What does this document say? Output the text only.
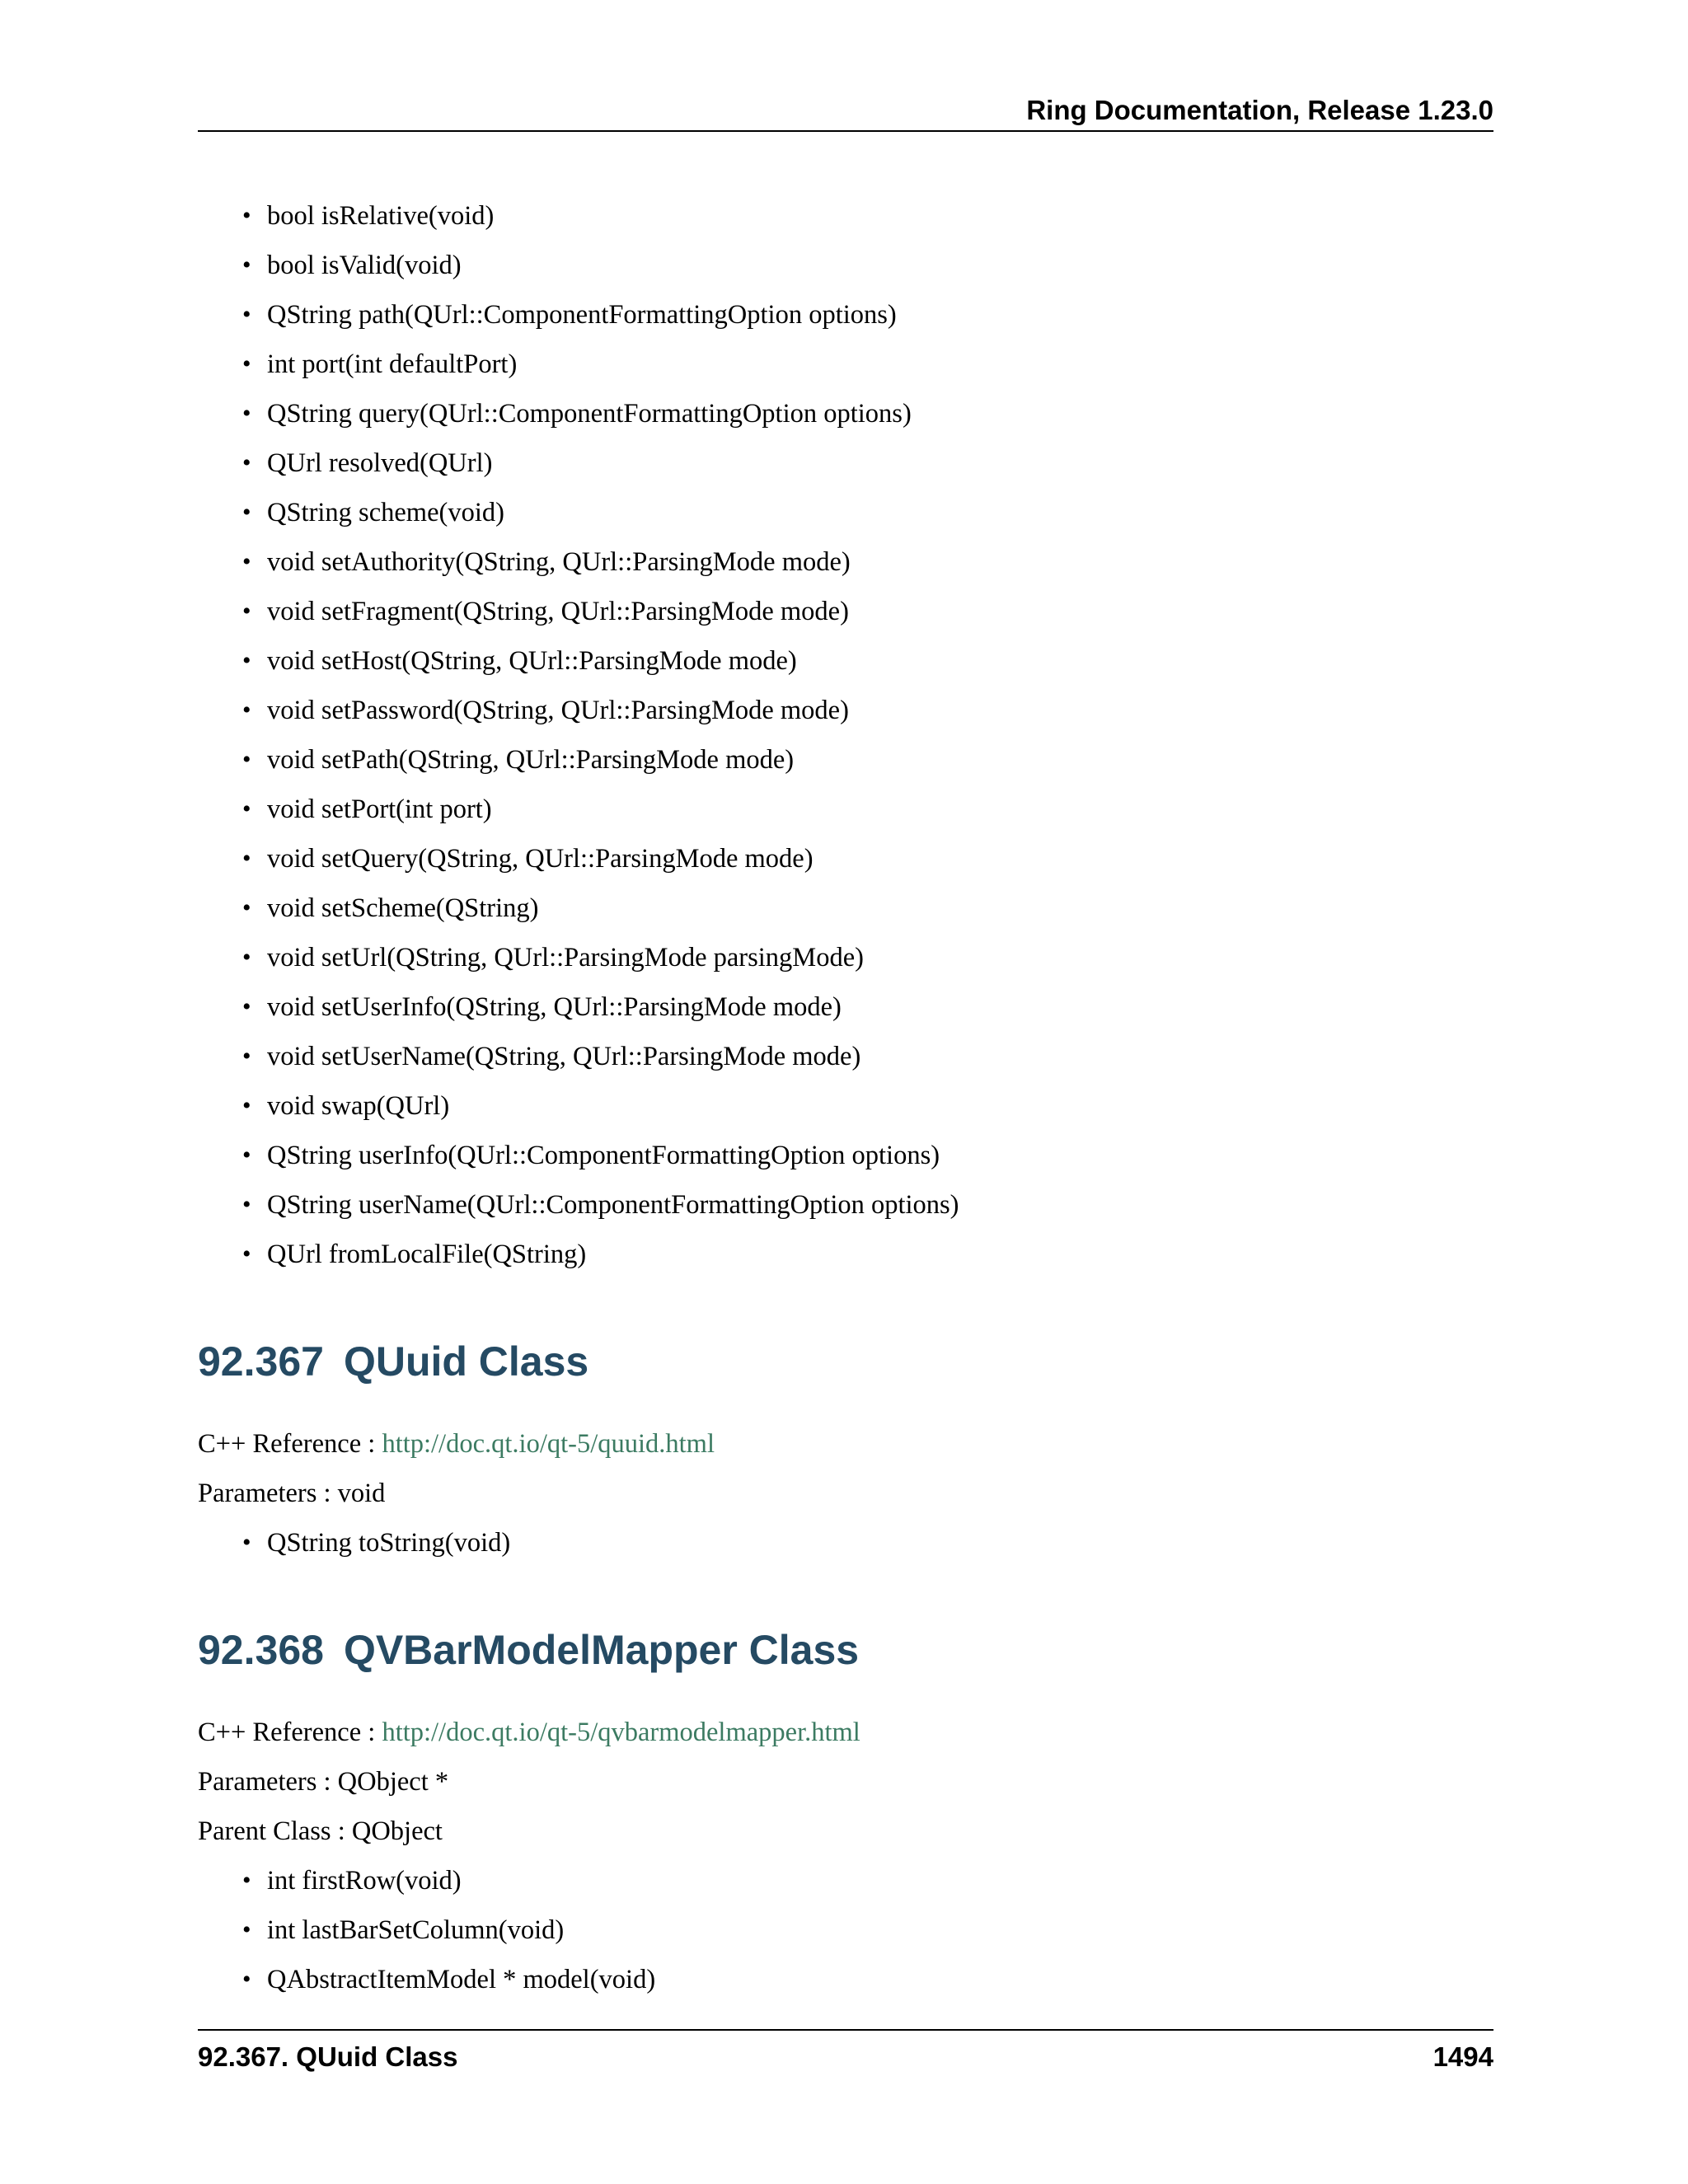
Ring Documentation, Release 1.23.0
• bool isRelative(void)
• bool isValid(void)
• QString path(QUrl::ComponentFormattingOption options)
• int port(int defaultPort)
• QString query(QUrl::ComponentFormattingOption options)
• QUrl resolved(QUrl)
• QString scheme(void)
• void setAuthority(QString, QUrl::ParsingMode mode)
• void setFragment(QString, QUrl::ParsingMode mode)
• void setHost(QString, QUrl::ParsingMode mode)
• void setPassword(QString, QUrl::ParsingMode mode)
• void setPath(QString, QUrl::ParsingMode mode)
• void setPort(int port)
• void setQuery(QString, QUrl::ParsingMode mode)
• void setScheme(QString)
• void setUrl(QString, QUrl::ParsingMode parsingMode)
• void setUserInfo(QString, QUrl::ParsingMode mode)
• void setUserName(QString, QUrl::ParsingMode mode)
• void swap(QUrl)
• QString userInfo(QUrl::ComponentFormattingOption options)
• QString userName(QUrl::ComponentFormattingOption options)
• QUrl fromLocalFile(QString)
92.367 QUuid Class
C++ Reference : http://doc.qt.io/qt-5/quuid.html
Parameters : void
• QString toString(void)
92.368 QVBarModelMapper Class
C++ Reference : http://doc.qt.io/qt-5/qvbarmodelmapper.html
Parameters : QObject *
Parent Class : QObject
• int firstRow(void)
• int lastBarSetColumn(void)
• QAbstractItemModel * model(void)
92.367. QUuid Class	1494
